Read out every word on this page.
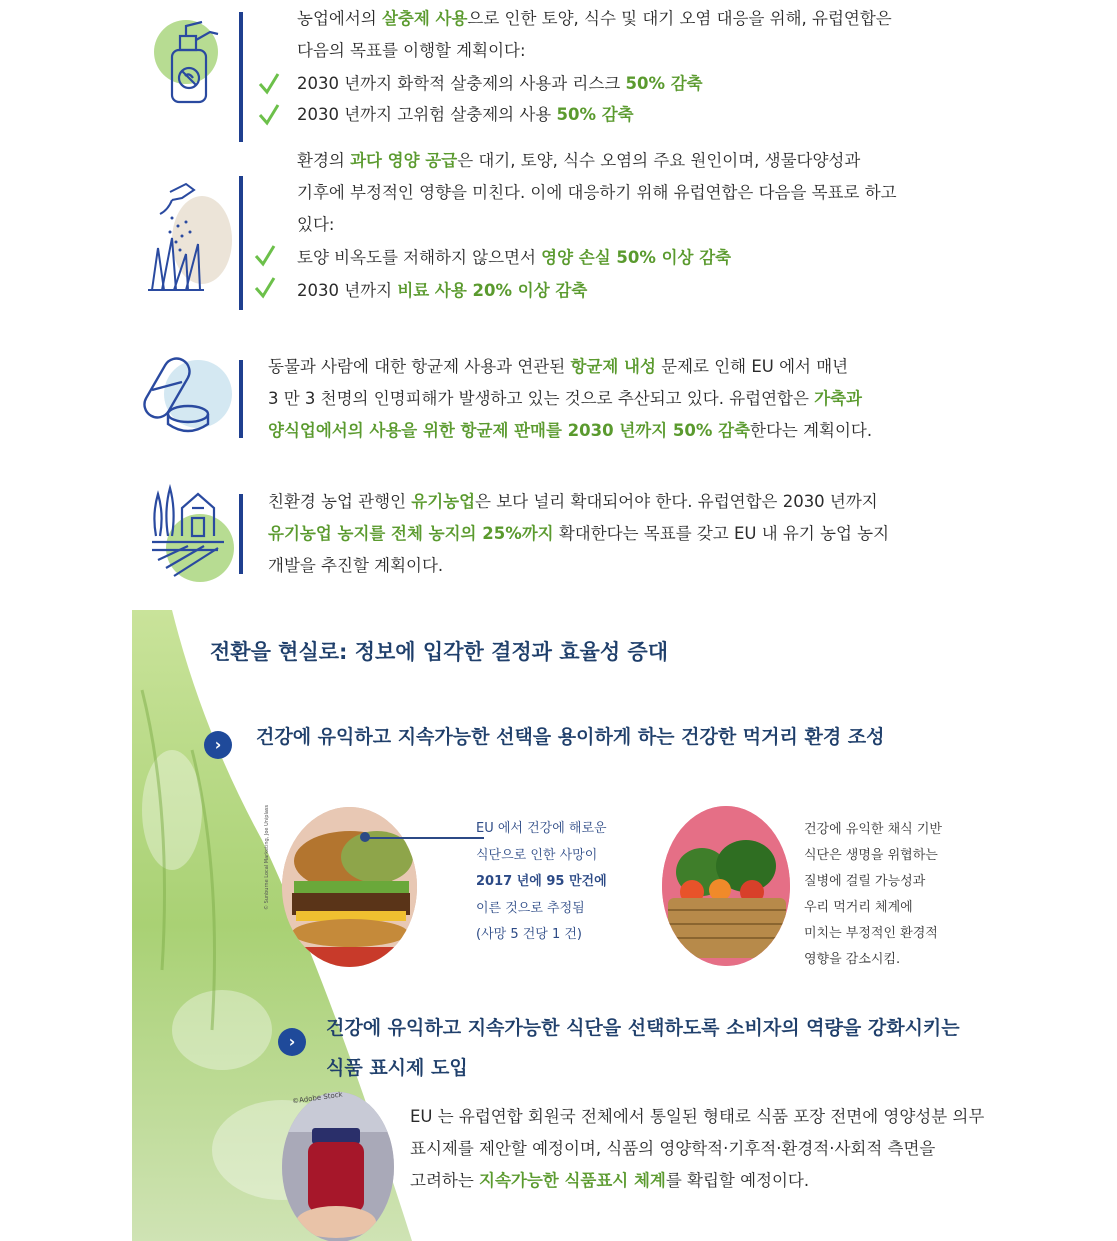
농업에서의 살충제 사용으로 인한 토양, 식수 및 대기 오염 대응을 위해, 유럽연합은
다음의 목표를 이행할 계획이다:
2030 년까지 화학적 살충제의 사용과 리스크 50% 감축
2030 년까지 고위험 살충제의 사용 50% 감축
환경의 과다 영양 공급은 대기, 토양, 식수 오염의 주요 원인이며, 생물다양성과
기후에 부정적인 영향을 미친다. 이에 대응하기 위해 유럽연합은 다음을 목표로 하고
있다:
토양 비옥도를 저해하지 않으면서 영양 손실 50% 이상 감축
2030 년까지 비료 사용 20% 이상 감축
동물과 사람에 대한 항균제 사용과 연관된 항균제 내성 문제로 인해 EU 에서 매년
3 만 3 천명의 인명피해가 발생하고 있는 것으로 추산되고 있다. 유럽연합은 가축과
양식업에서의 사용을 위한 항균제 판매를 2030 년까지 50% 감축한다는 계획이다.
친환경 농업 관행인 유기농업은 보다 널리 확대되어야 한다. 유럽연합은 2030 년까지
유기농업 농지를 전체 농지의 25%까지 확대한다는 목표를 갖고 EU 내 유기 농업 농지
개발을 추진할 계획이다.
전환을 현실로: 정보에 입각한 결정과 효율성 증대
›	건강에 유익하고 지속가능한 선택을 용이하게 하는 건강한 먹거리 환경 조성
© Sunburne Local Marketing, Joe Uniplass	EU 에서 건강에 해로운
식단으로 인한 사망이
2017 년에 95 만건에
이른 것으로 추정됨
(사망 5 건당 1 건)
건강에 유익한 채식 기반
식단은 생명을 위협하는
질병에 걸릴 가능성과
우리 먹거리 체계에
미치는 부정적인 환경적
영향을 감소시킴.
›
건강에 유익하고 지속가능한 식단을 선택하도록 소비자의 역량을 강화시키는
식품 표시제 도입
©Adobe Stock
EU 는 유럽연합 회원국 전체에서 통일된 형태로 식품 포장 전면에 영양성분 의무
표시제를 제안할 예정이며, 식품의 영양학적·기후적·환경적·사회적 측면을
고려하는 지속가능한 식품표시 체계를 확립할 예정이다.
